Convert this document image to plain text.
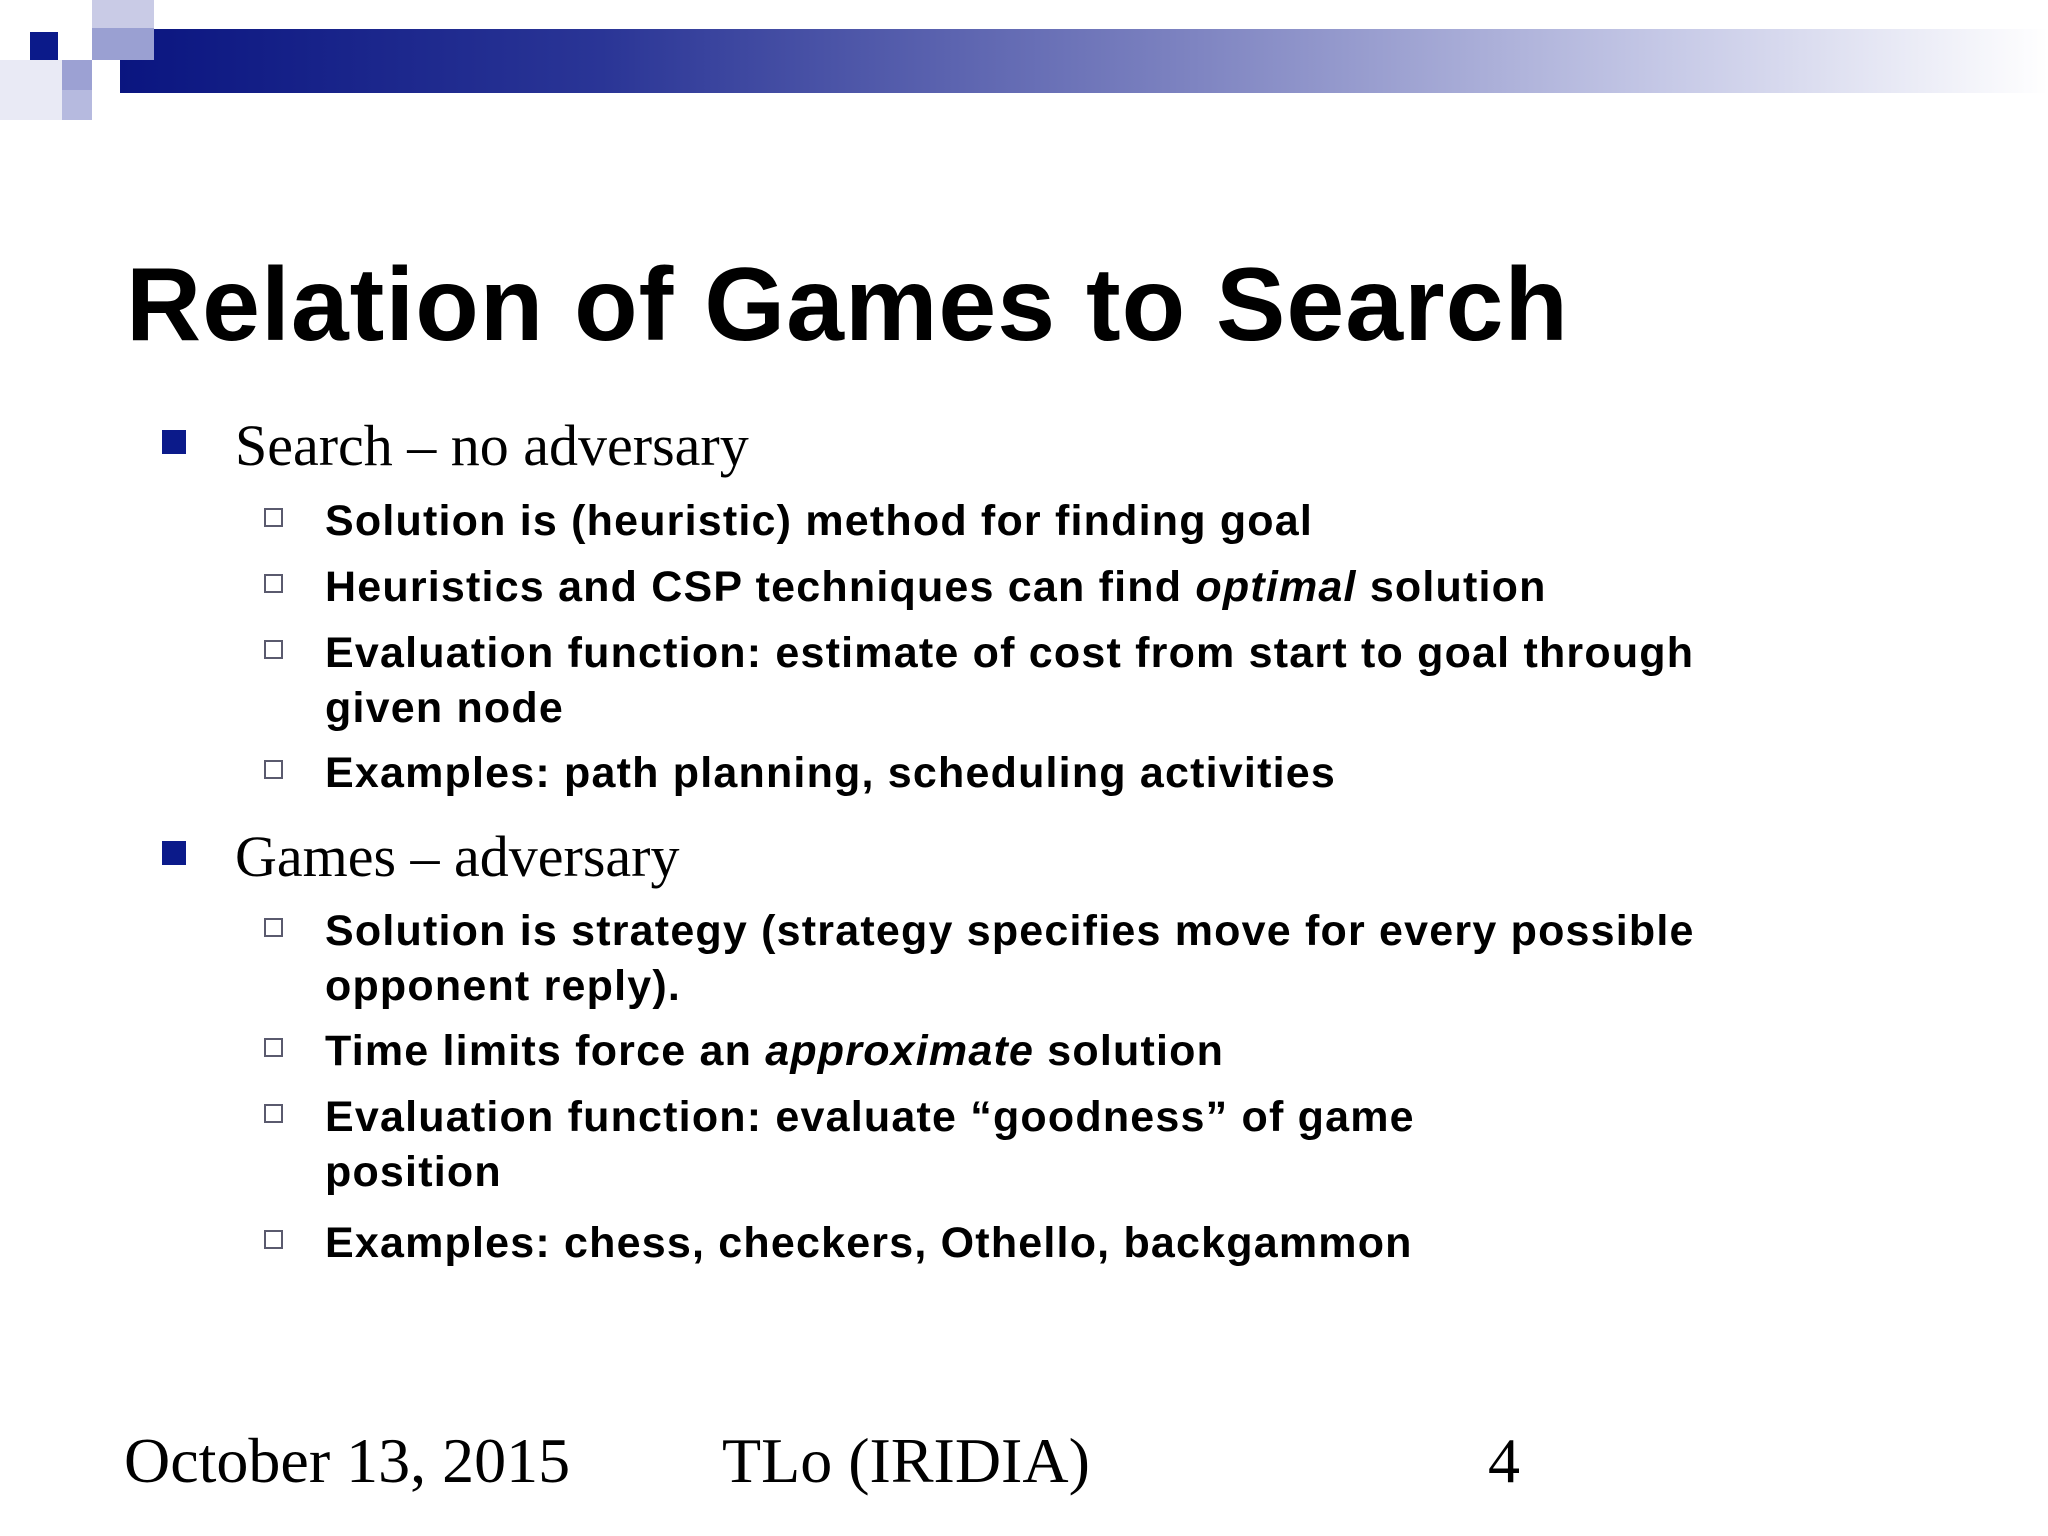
Relation of Games to Search
Search – no adversary
Solution is (heuristic) method for finding goal
Heuristics and CSP techniques can find optimal solution
Evaluation function: estimate of cost from start to goal through given node
Examples: path planning, scheduling activities
Games – adversary
Solution is strategy (strategy specifies move for every possible opponent reply).
Time limits force an approximate solution
Evaluation function: evaluate “goodness” of game position
Examples: chess, checkers, Othello, backgammon
October 13, 2015 TLo (IRIDIA)	4
